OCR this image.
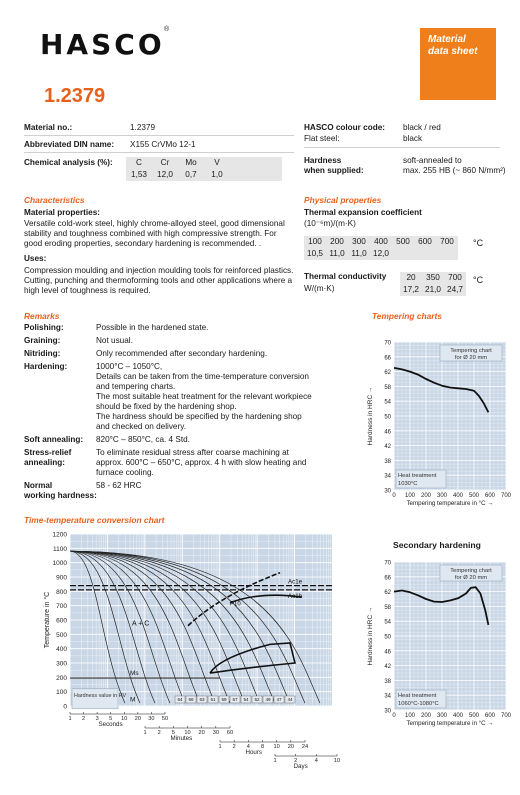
HASCO ®
1.2379
Material
data sheet
Material no.:	1.2379
Abbreviated DIN name: X155 CrVMo 12-1
Chemical analysis (%):	C	Cr	Mo	V		
1,53	12,0	0,7	1,0		
HASCO colour code: black / red
Flat steel:	black
Hardness
when supplied:
soft-annealed to
max. 255 HB (~ 860 N/mm²)
Characteristics
Material properties:
Versatile cold-work steel, highly chrome-alloyed steel, good dimensional stability and toughness combined with high compressive strength. For good eroding properties, secondary hardening is recommended. .
Uses:
Compression moulding and injection moulding tools for reinforced plastics. Cutting, punching and thermoforming tools and other applications where a high level of toughness is required.
Physical properties
Thermal expansion coefficient
(10⁻⁶m)/(m·K)
100	200	300	400	500	600	700
10,5	11,0	11,0	12,0			
°C
Thermal conductivity
W/(m·K)
20	350	700
17,2	21,0	24,7
°C
Remarks
Polishing:	Possible in the hardened state.
Graining:	Not usual.
Nitriding:	Only recommended after secondary hardening.
Hardening:	1000°C – 1050°C,
Details can be taken from the time-temperature conversion and tempering charts.
The most suitable heat treatment for the relevant workpiece should be fixed by the hardening shop.
The hardness should be specified by the hardening shop and checked on delivery.
Soft annealing:	820°C – 850°C, ca. 4 Std.
Stress-relief
annealing:
To eliminate residual stress after coarse machining at approx. 600°C – 650°C, approx. 4 h with slow heating and furnace cooling.
Normal
working hardness:
58 - 62 HRC
Tempering charts
Time-temperature conversion chart
Secondary hardening
30
34
38
42
46
50
54
58
62
66
70
0 100 200 300 400 500 600 700
Tempering temperature in °C →
Hardness in HRC →
Tempering chart
for Ø 20 mm
Heat treatment
1030°C
30
34
38
42
46
50
54
58
62
66
70
0 100 200 300 400 500 600 700
Tempering temperature in °C →
Hardness in HRC →
Tempering chart
for Ø 20 mm
Heat treatment
1060°C-1080°C
0
100
200
300
400
500
600
700
800
900
1000
1100
1200
Temperature in °C
Ac1e
Ac1b
Ms
M
A + C
P10
64 66 63 61 59 57 54 52 49 47 44
Hardness value in HV
1 2 3 5 10 20 30 50
Seconds
1 2 5 10 20 30 60
Minutes
1 2 4 8 10 20 24
Hours
1	2	4	10
Days
